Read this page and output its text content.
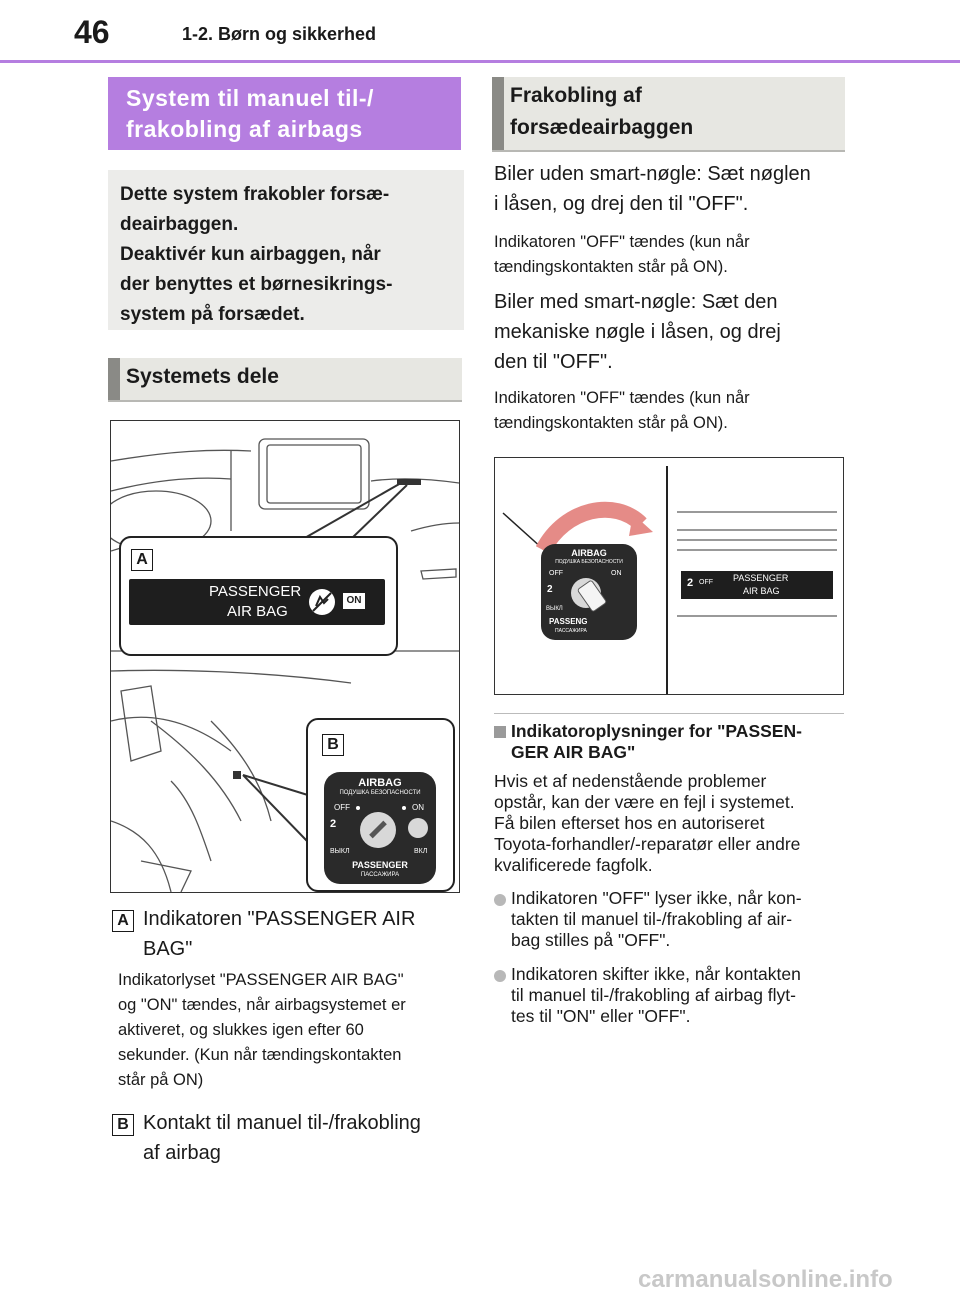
46	1-2. Børn og sikkerhed
System til manuel til-/
frakobling af airbags
Dette system frakobler forsæ-
deairbaggen.
Deaktivér kun airbaggen, når
der benyttes et børnesikrings-
system på forsædet.
Systemets dele
A
PASSENGER
AIR BAG
ON
B
AIRBAG
ПОДУШКА БЕЗОПАСНОСТИ
OFF	ON
2
ВЫКЛ	ВКЛ
PASSENGER
ПАССАЖИРА
A Indikatoren "PASSENGER AIR
BAG"
Indikatorlyset "PASSENGER AIR BAG"
og "ON" tændes, når airbagsystemet er
aktiveret, og slukkes igen efter 60
sekunder. (Kun når tændingskontakten
står på ON)
B Kontakt til manuel til-/frakobling
af airbag
Frakobling af
forsædeairbaggen
Biler uden smart-nøgle: Sæt nøglen
i låsen, og drej den til "OFF".
Indikatoren "OFF" tændes (kun når
tændingskontakten står på ON).
Biler med smart-nøgle: Sæt den
mekaniske nøgle i låsen, og drej
den til "OFF".
Indikatoren "OFF" tændes (kun når
tændingskontakten står på ON).
AIRBAG
ПОДУШКА БЕЗОПАСНОСТИ
OFF	ON
2
ВЫКЛ
PASSENG
ПАССАЖИРА
2 OFF PASSENGER
AIR BAG
Indikatoroplysninger for "PASSEN-
GER AIR BAG"
Hvis et af nedenstående problemer
opstår, kan der være en fejl i systemet.
Få bilen efterset hos en autoriseret
Toyota-forhandler/-reparatør eller andre
kvalificerede fagfolk.
Indikatoren "OFF" lyser ikke, når kon-
takten til manuel til-/frakobling af air-
bag stilles på "OFF".
Indikatoren skifter ikke, når kontakten
til manuel til-/frakobling af airbag flyt-
tes til "ON" eller "OFF".
carmanualsonline.info
